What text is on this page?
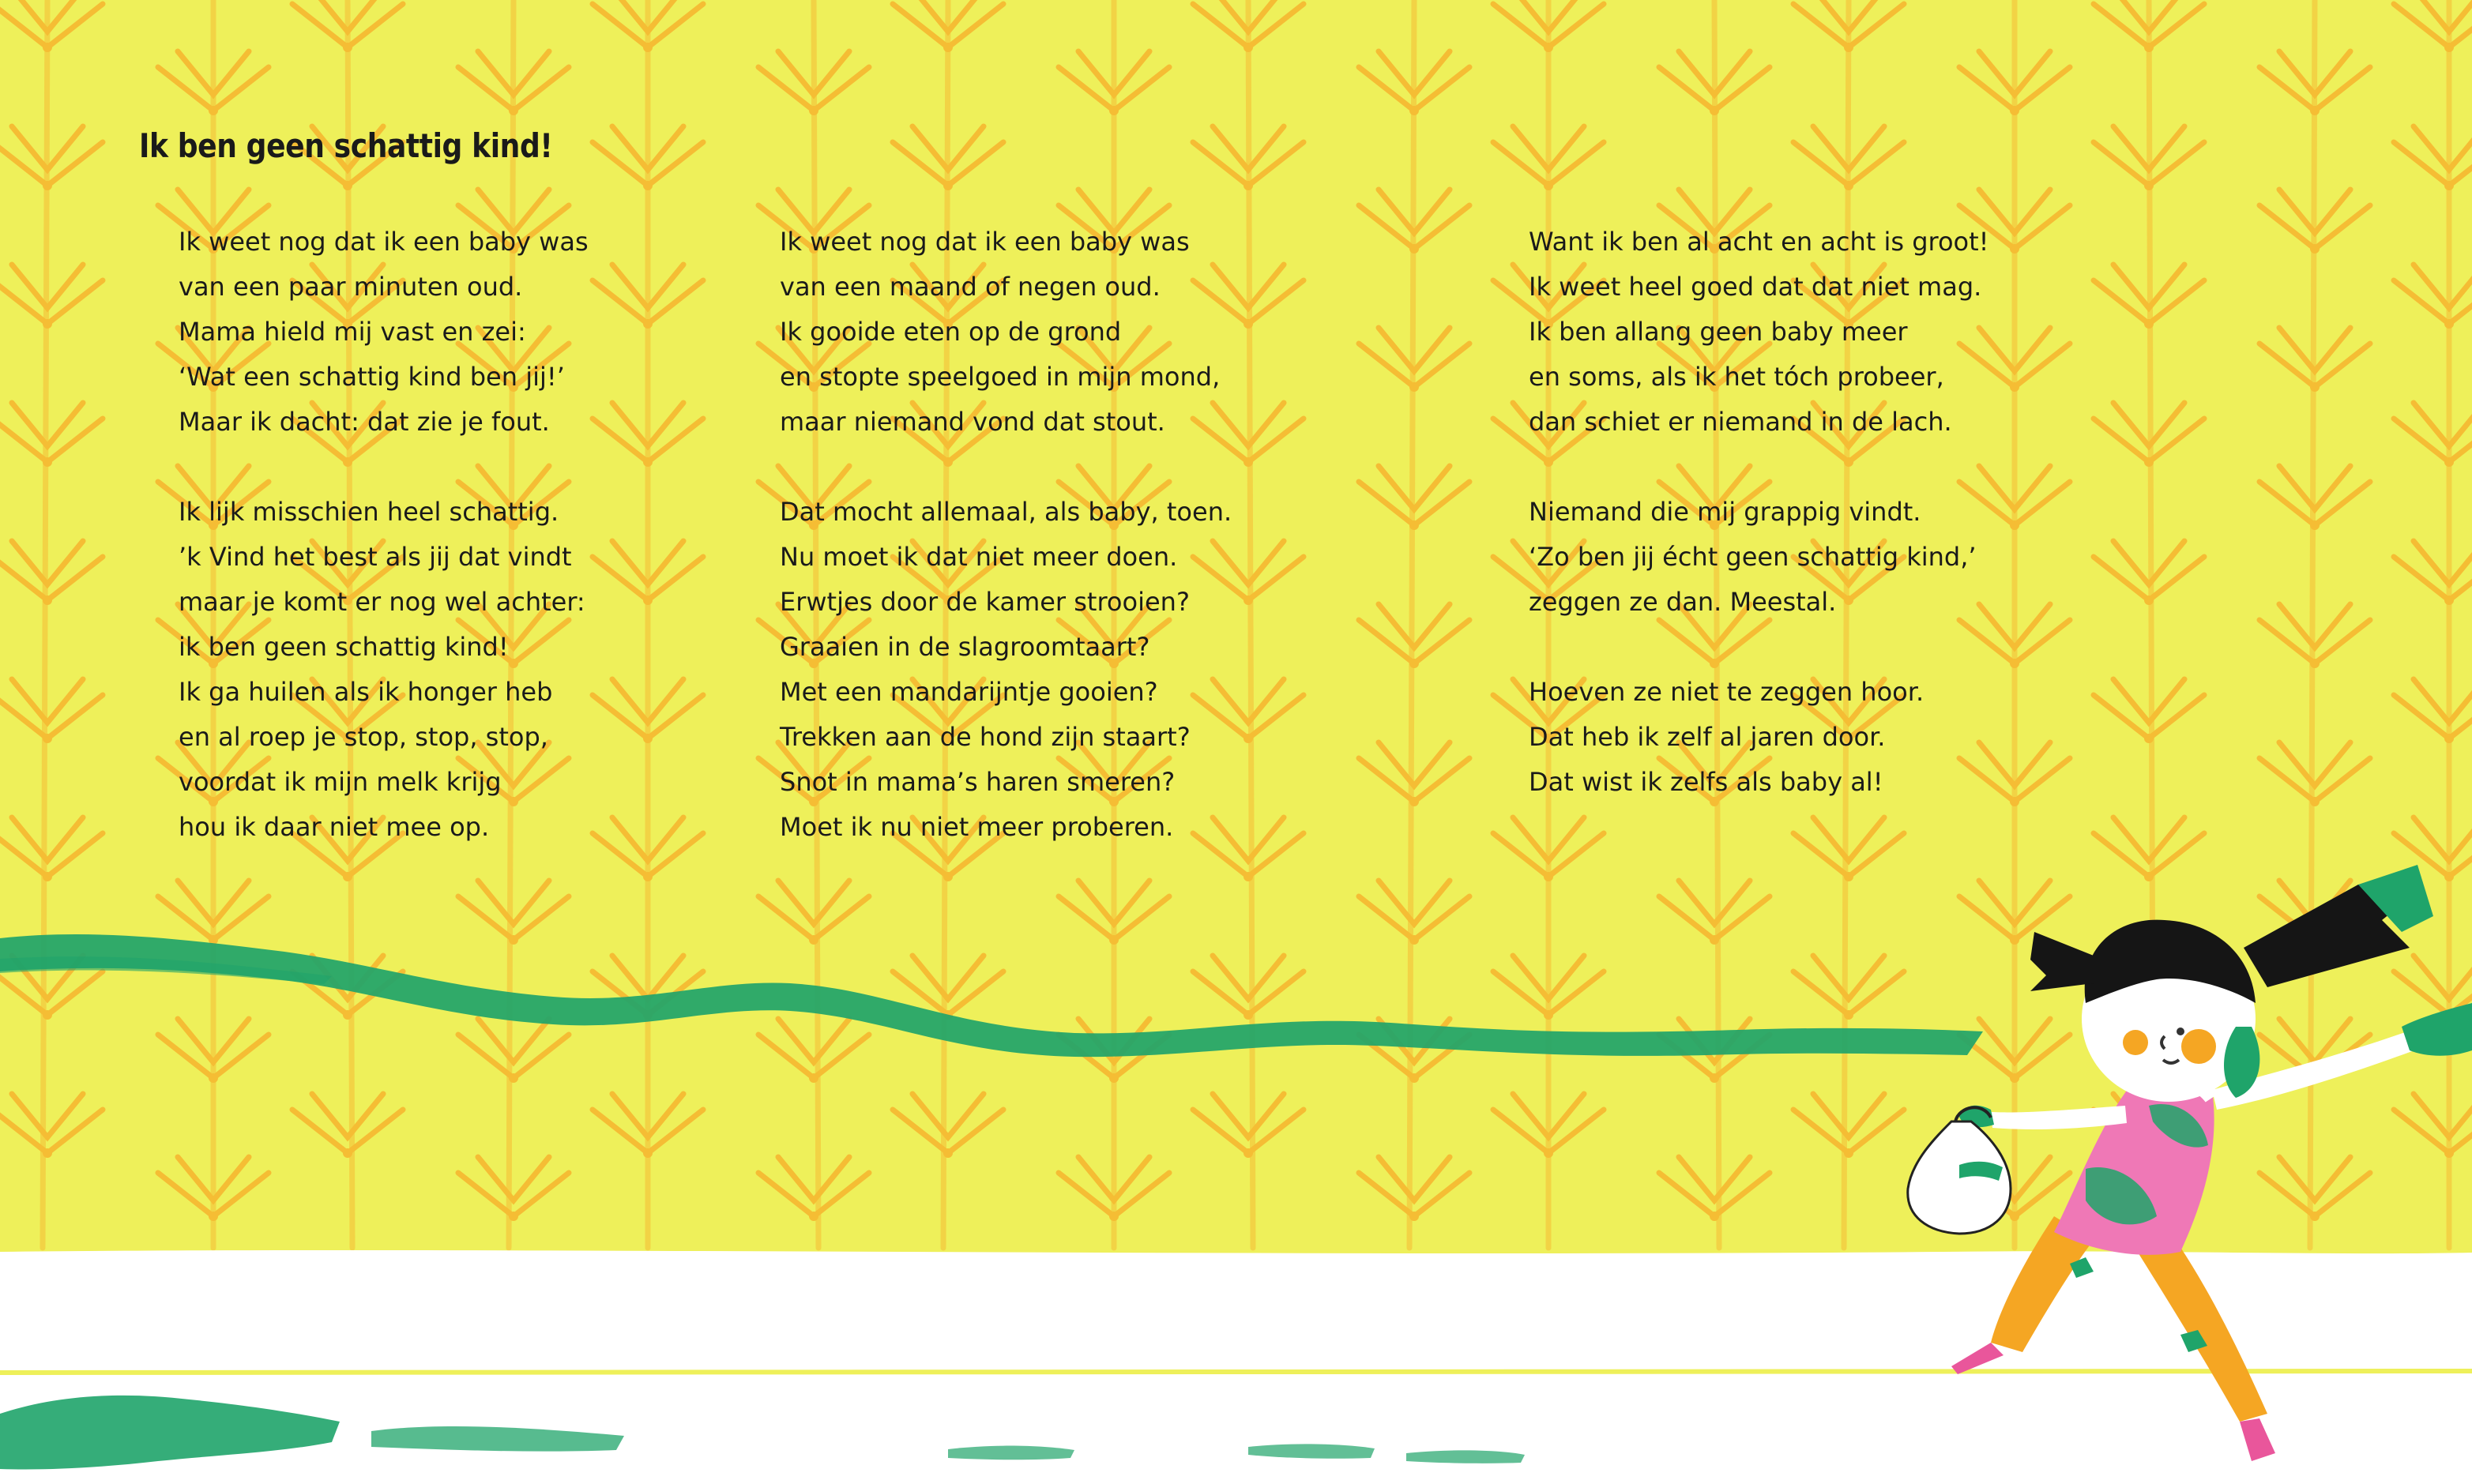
Ik ben geen schattig kind!
Ik weet nog dat ik een baby was
van een paar minuten oud.
Mama hield mij vast en zei:
‘Wat een schattig kind ben jij!’
Maar ik dacht: dat zie je fout.
Ik lijk misschien heel schattig.
’k Vind het best als jij dat vindt
maar je komt er nog wel achter:
ik ben geen schattig kind!
Ik ga huilen als ik honger heb
en al roep je stop, stop, stop,
voordat ik mijn melk krijg
hou ik daar niet mee op.
Ik weet nog dat ik een baby was
van een maand of negen oud.
Ik gooide eten op de grond
en stopte speelgoed in mijn mond,
maar niemand vond dat stout.
Dat mocht allemaal, als baby, toen.
Nu moet ik dat niet meer doen.
Erwtjes door de kamer strooien?
Graaien in de slagroomtaart?
Met een mandarijntje gooien?
Trekken aan de hond zijn staart?
Snot in mama’s haren smeren?
Moet ik nu niet meer proberen.
Want ik ben al acht en acht is groot!
Ik weet heel goed dat dat niet mag.
Ik ben allang geen baby meer
en soms, als ik het tóch probeer,
dan schiet er niemand in de lach.
Niemand die mij grappig vindt.
‘Zo ben jij écht geen schattig kind,’
zeggen ze dan. Meestal.
Hoeven ze niet te zeggen hoor.
Dat heb ik zelf al jaren door.
Dat wist ik zelfs als baby al!
